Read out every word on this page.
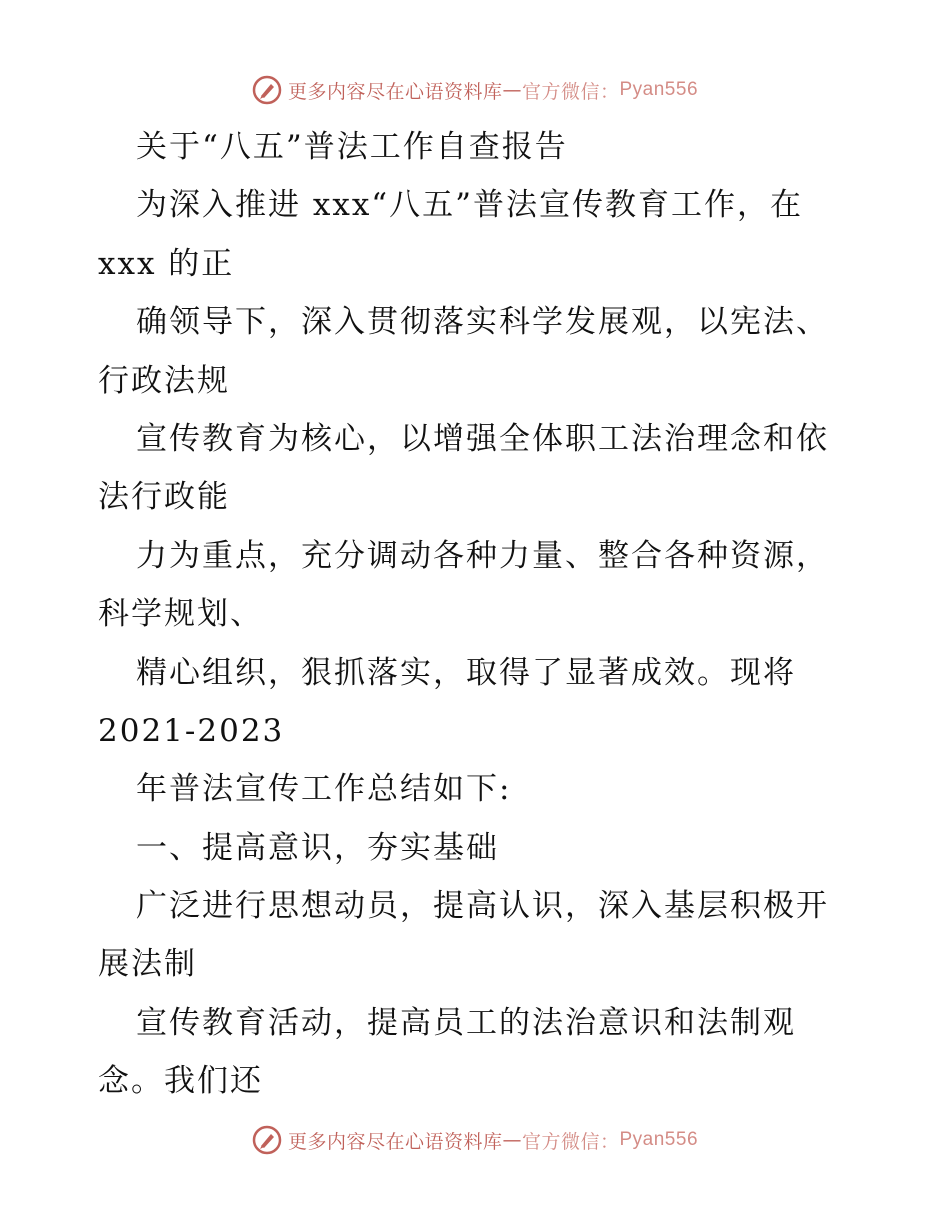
更多内容尽在心语资料库 — 官方微信： Pyan556
关于“八五”普法工作自查报告
为深入推进 xxx“八五”普法宣传教育工作，在
xxx 的正
确领导下，深入贯彻落实科学发展观，以宪法、
行政法规
宣传教育为核心，以增强全体职工法治理念和依
法行政能
力为重点，充分调动各种力量、整合各种资源，
科学规划、
精心组织，狠抓落实，取得了显著成效。现将
2021-2023
年普法宣传工作总结如下:
一、提高意识，夯实基础
广泛进行思想动员，提高认识，深入基层积极开
展法制
宣传教育活动，提高员工的法治意识和法制观
念。我们还
更多内容尽在心语资料库 — 官方微信： Pyan556
